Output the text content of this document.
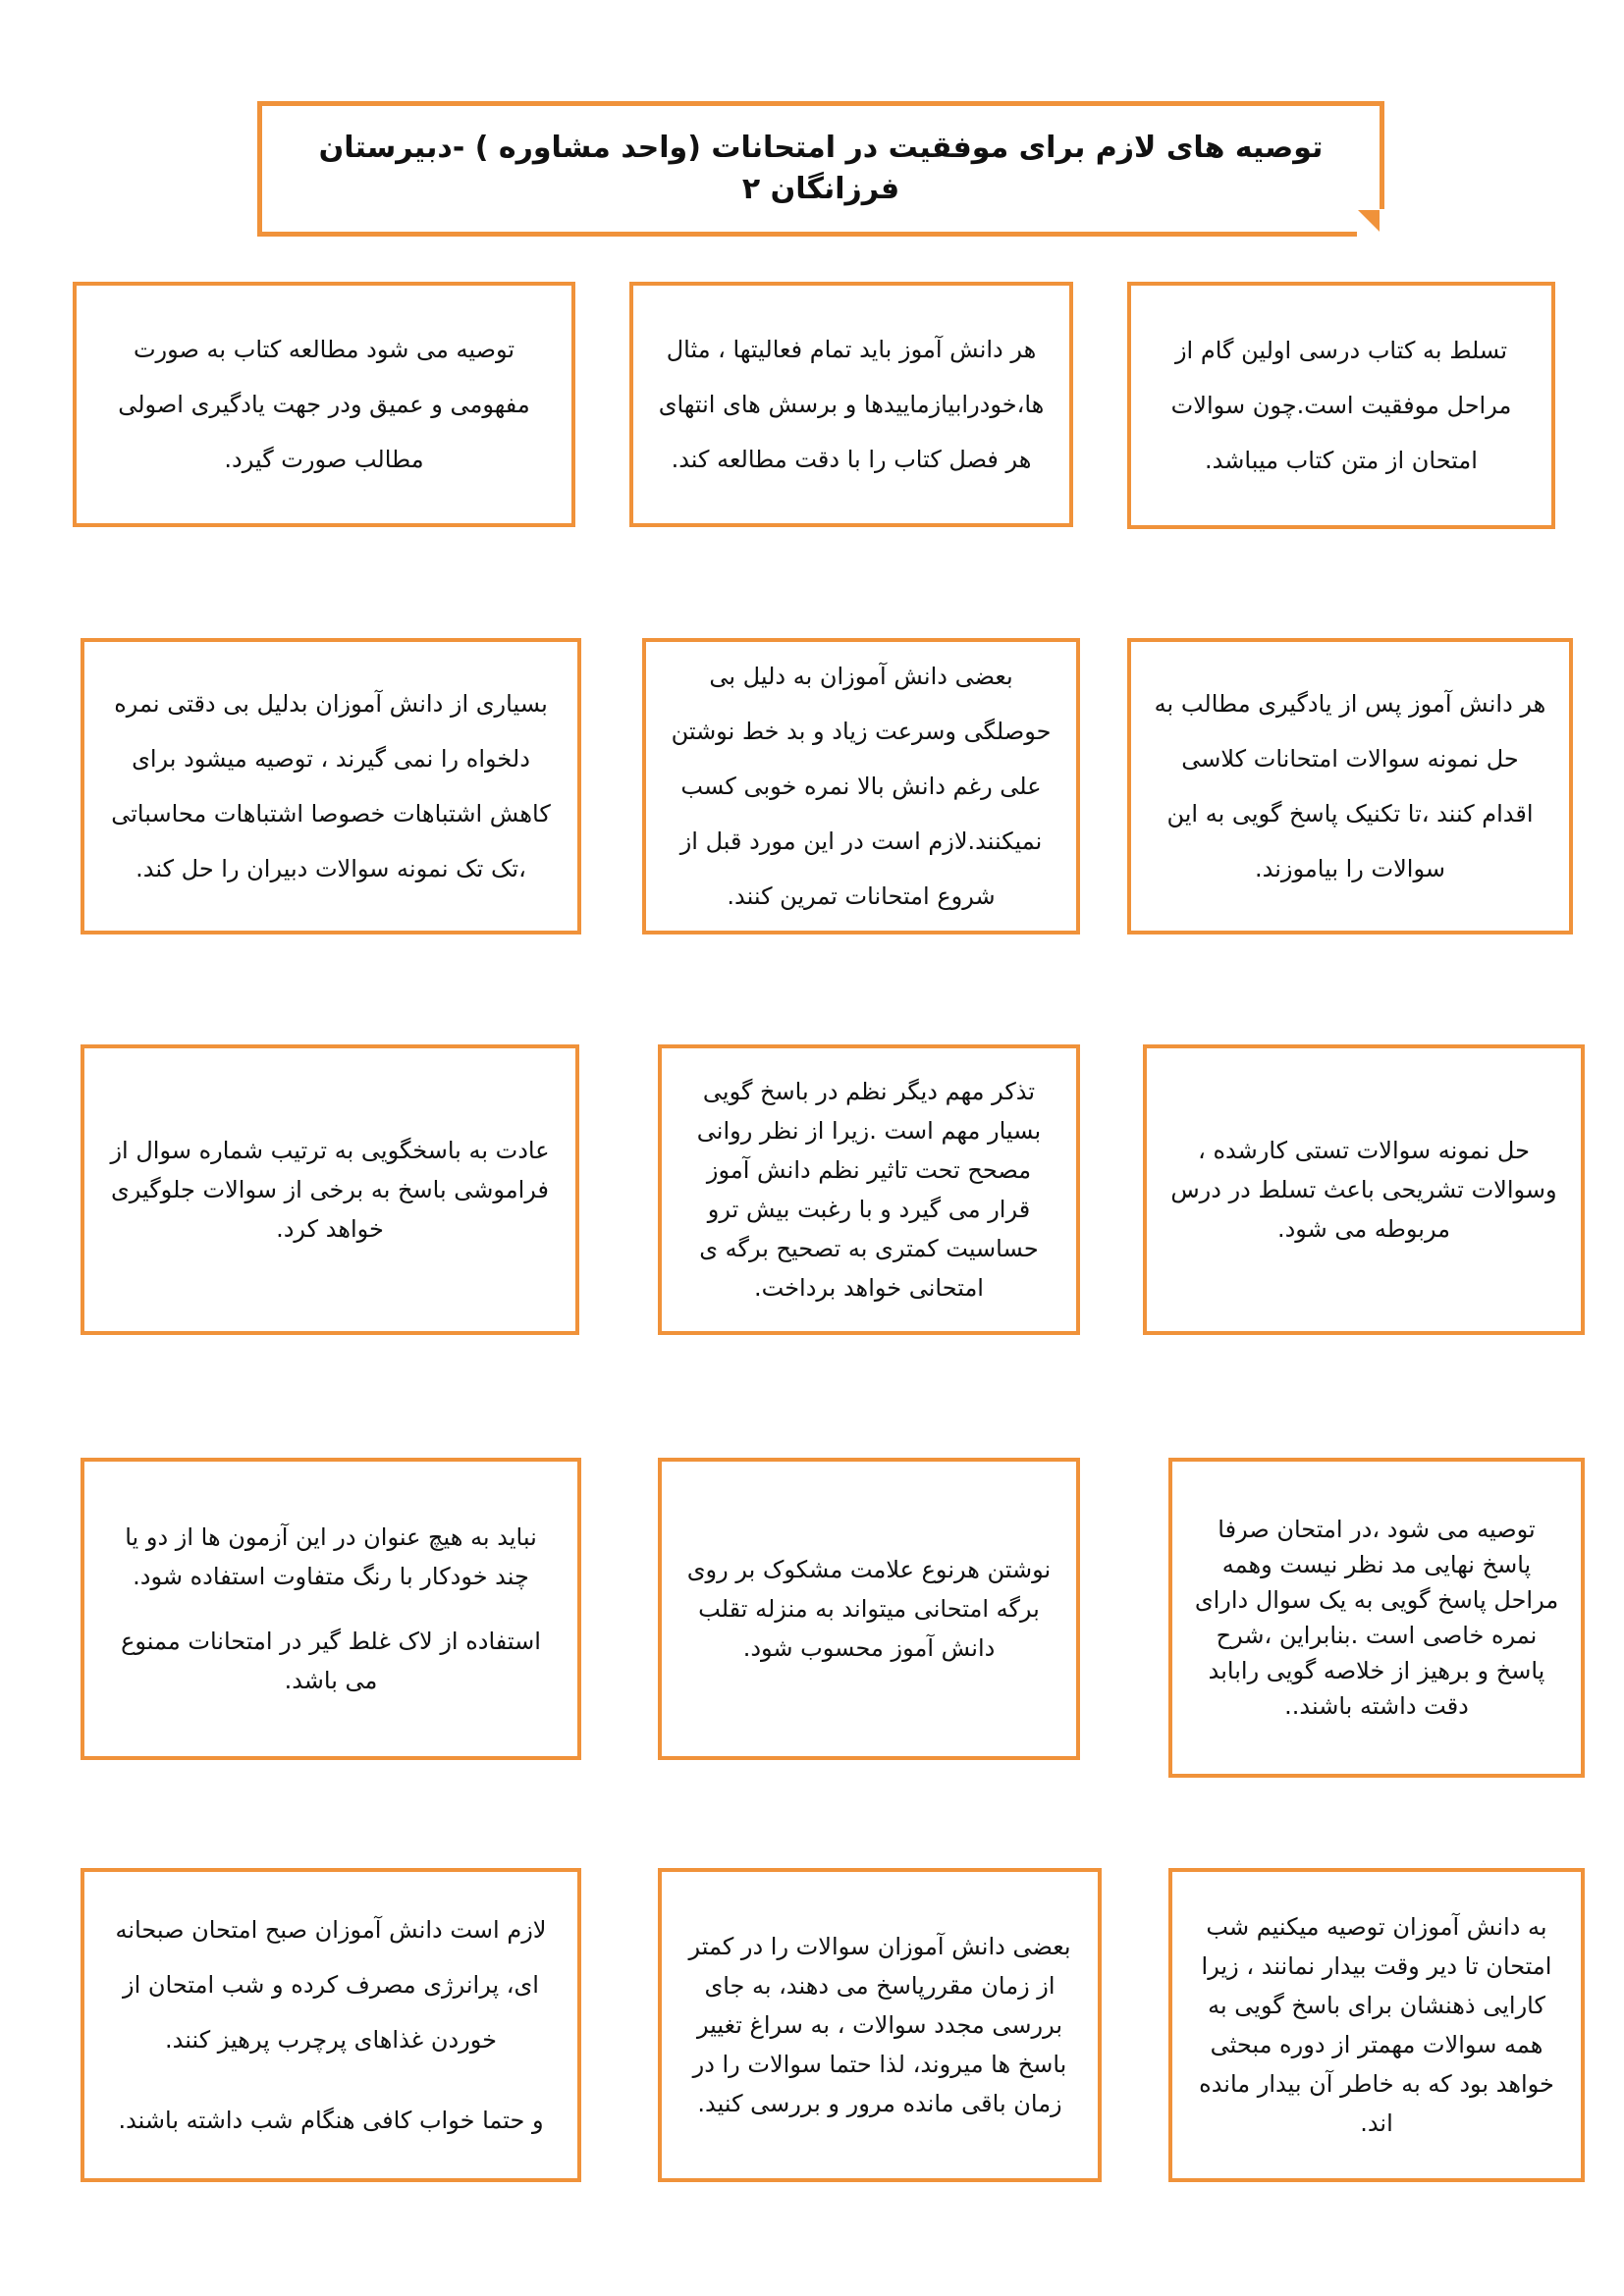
توصیه های لازم برای موفقیت در امتحانات (واحد مشاوره ) -دبیرستان فرزانگان ۲

تسلط به کتاب درسی اولین گام از مراحل موفقیت است.چون سوالات امتحان از متن کتاب میباشد.

هر دانش آموز باید تمام فعالیتها ، مثال ها،خودرابیازماییدها و برسش های انتهای هر فصل کتاب را با دقت مطالعه کند.

توصیه می شود مطالعه کتاب به صورت مفهومی و عمیق ودر جهت یادگیری اصولی مطالب صورت گیرد.

هر دانش آموز پس از یادگیری مطالب به حل نمونه سوالات امتحانات کلاسی اقدام کنند ،تا تکنیک پاسخ گویی به این سوالات را بیاموزند.

بعضی دانش آموزان به دلیل بی حوصلگی وسرعت زیاد و بد خط نوشتن علی رغم دانش بالا نمره خوبی کسب نمیکنند.لازم است در این مورد قبل از شروع امتحانات تمرین کنند.

بسیاری از دانش آموزان بدلیل بی دقتی نمره دلخواه را نمی گیرند ، توصیه میشود برای کاهش اشتباهات خصوصا اشتباهات محاسباتی ،تک تک نمونه سوالات دبیران را حل کند.

حل نمونه سوالات تستی کارشده ، وسوالات تشریحی باعث تسلط در درس مربوطه می شود.

تذکر مهم دیگر نظم در باسخ گویی بسیار مهم است .زیرا از نظر روانی مصحح تحت تاثیر نظم دانش آموز قرار می گیرد و با رغبت بیش ترو حساسیت کمتری به تصحیح برگه ی امتحانی خواهد برداخت.

عادت به باسخگویی به ترتیب شماره سوال از فراموشی باسخ به برخی از سوالات جلوگیری خواهد کرد.

توصیه می شود ،در امتحان صرفا پاسخ نهایی مد نظر نیست وهمه مراحل پاسخ گویی به یک سوال دارای نمره خاصی است .بنابراین ،شرح پاسخ و برهیز از خلاصه گویی رابابد دقت داشته باشند..

نوشتن هرنوع علامت مشکوک بر روی برگه امتحانی میتواند به منزله تقلب دانش آموز محسوب شود.

نباید به هیچ عنوان در این آزمون ها از دو یا چند خودکار با رنگ متفاوت استفاده شود.

استفاده از لاک غلط گیر در امتحانات ممنوع می باشد.

به دانش آموزان توصیه میکنیم شب امتحان تا دیر وقت بیدار نمانند ، زیرا کارایی ذهنشان برای باسخ گویی به همه سوالات مهمتر از دوره مبحثی خواهد بود که به خاطر آن بیدار مانده اند.

بعضی دانش آموزان سوالات را در کمتر از زمان مقررپاسخ می دهند، به جای بررسی مجدد سوالات ، به سراغ تغییر باسخ ها میروند، لذا حتما سوالات را در زمان باقی مانده مرور و بررسی کنید.

لازم است دانش آموزان صبح امتحان صبحانه ای، پرانرژی مصرف کرده و شب امتحان از خوردن غذاهای پرچرب پرهیز کنند.

و حتما خواب کافی هنگام شب داشته باشند.
